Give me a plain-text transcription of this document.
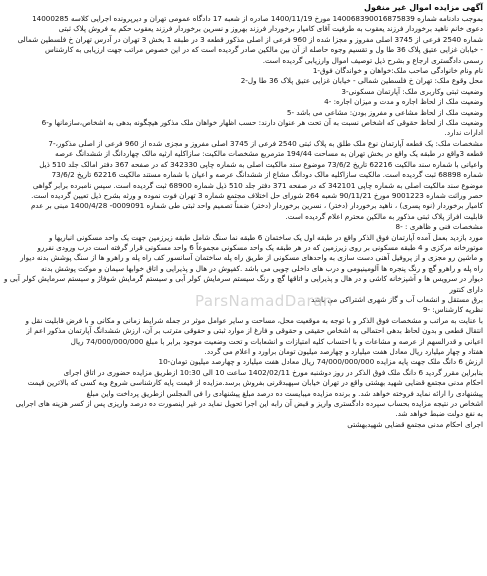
آگهی مزایده اموال غیر منقول

بموجب دادنامه شماره 140068390016875839 مورخ 1400/11/19 صادره از شعبه 17 دادگاه عمومی تهران و دیرپرونده اجرایی کلاسه 14000285

دعوی خانم ناهید برخوردار فرزند یعقوب به طرفیت آقای کامیار برخوردار فرزند بهروز و نسرین برخوردار فرزند یعقوب حکم به فروش پلاک ثبتی

شماره 2540 فرعی از 3745 اصلی مفروز و مجزا شده از 960 فرعی از اصلی مذکور قطعه 3 در طبقه 1 بخش 3 تهران در آدرس تهران خ فلسطین شمالی

- خیابان غزایی عتیق پلاک 36 طا ول و تقسیم وجوه حاصله از آن بین مالکین صادر گردیده است که در این خصوص مراتب جهت ارزیابی به کارشناس

رسمی دادگستری ارجاع و بشرح ذیل توصیف اموال وارزیابی گردیده است.

نام ونام خانوادگی صاحب ملک:خواهان و خواندگان فوق-1

محل وقوع ملک: تهران خ فلسطین شمالی - خیابان غزایی عتیق پلاک 36 طا ول-2

وضعیت ثبتی وکاربری ملک: آپارتمان مسکونی-3

وضعیت ملک از لحاظ اجاره و مدت و میزان اجاره: -4

وضعیت ملک از لحاظ مشاعی و مفروز بودن: مشاعی می باشد -5

وضعیت ملک از لحاظ حقوقی که اشخاص نسبت به آن تحت هر عنوان دارند: حسب اظهار خواهان ملک مذکور هیچگونه بدهی به اشخاص،سازمانها و-6

ادارات ندارد.

مشخصات ملک: یک قطعه آپارتمان نوع ملک طلق به پلاک ثبتی 2540 فرعی از 3745 اصلی مفروز و مجزی شده از 960 فرعی از اصلی مذکور،-7

قطعه 3واقع در طبقه یک واقع در بخش تهران به مساحت 194/44 مترمربع مشخصات مالکیت: سازاکلیه ارثیه مالک چهاردانگ از ششدانگ عرصه

واعیانی با شماره سند مالکیت 62216 تاریخ 73/6/2 موضوع سند مالکیت اصلی به شماره چاپی 342330 که در صفحه 367 دفتر امالک جلد 510 ذیل

شماره 68898 ثبت گردیده است. مالکیت سازاکلیه مالک دودانگ مشاع از ششدانگ عرصه و اعیان با شماره مستند مالکیت 62216 تاریخ 73/6/2

موضوع سند مالکیت اصلی به شماره چاپی 342101 که در صفحه 371 دفتر جلد 510 ذیل شماره 68900 ثبت گردیده است. سپس نامبرده برابر گواهی

حصر وراثت شماره 9001223 مورخ 90/11/21 شعبه 264 شورای حل اختلاف مجتمع شماره 3 تهران فوت نموده و ورثه بشرح ذیل تعیین گردیده است.

کامیار برخوردار (نوه پسری) ، ناهید برخوردار (دختر) ، نسرین برخوردار (دختر) ضمناً تصمیم واحد ثبتی طی شماره 0009091- 1400/4/28 مبنی بر عدم

قابلیت افراز پلاک ثبتی مذکور به مالکین محترم اعلام گردیده است.

مشخصات فنی و ظاهری : -8

مورد بازدید بعمل آمده آپارتمان فوق الذکر واقع در طبقه اول یک ساختمان 6 طبقه نما سنگ شامل طبقه زیرزمین جهت یک واحد مسکونی انباریها و

موتورخانه مرکزی و 4 طبقه مسکونی بر روی زیرزمین که در هر طبقه یک واحد مسکونی مجموعاً 6 واحد مسکونی قرار گرفته است درب ورودی نفررو

و ماشین رو مجزی و از پروفیل آهنی دست سازی به واحدهای مسکونی از طریق راه پله ساختمان آسانسور کف راه پله و راهرو ها از سنگ پوشش بدنه دیوار

راه پله و راهرو گچ و رنگ پنجره ها آلومینیومی و درب های داخلی چوبی می باشد .کفپوش در هال و پذیرایی و اتاق خوابها سیمان و موکت پوشش بدنه

دیوار در سرویس ها و آشپزخانه کاشی و در هال و پذیرایی و اتاقها گچ و رنگ سیستم سرمایش کولر آبی و سیستم گرمایش شوفاژ و سیستم سرمایش کولر آبی و دارای کنتور

برق مستقل و انشعاب آب و گاز شهری اشتراکی می باشد

نظریه کارشناس: -9

با عنایت به مراتب و مشخصات فوق الذکر و با توجه به موقعیت محل، مساحت و سایر عوامل موثر در جمله شرایط زمانی و مکانی و با فرض قابلیت نقل و

انتقال قطعی و بدون لحاظ بدهی احتمالی به اشخاص حقیقی و حقوقی و فارغ از موارد ثبتی و حقوقی مترتب بر آن، ارزش ششدانگ آپارتمان مذکور اعم از

اعیانی و قدرالسهم از عرصه و مشاعات و با احتساب کلیه امتیازات و انشعابات و تحت وضعیت موجود برابر با مبلغ 74/000/000/000 ریال

هفتاد و چهار میلیارد ریال معادل هفت میلیارد و چهارصد میلیون تومان براورد و اعلام می گردد.

ارزش 6 دانگ ملک جهت پایه مزایده 74/000/000/000 ریال معادل هفت میلیارد و چهارصد میلیون تومان-10

بنابراین مقرر گردید 6 دانگ ملک فوق الذکر در روز دوشنبه مورخ 1402/02/11 ساعت 10 الی 10:30 ازطریق مزایده حضوری در اتاق اجرای

احکام مدنی مجتمع قضایی شهید بهشتی واقع در تهران خیابان سپهبدقرنی بفروش برسد.مزایده از قیمت پایه کارشناسی شروع وبه کسی که بالاترین قیمت

پیشنهادی را ارائه نماید فروخته خواهد شد. و برنده مزایده میبایست ده درصد مبلغ پیشنهادی را فی المجلس ازطریق پرداخت واین مبلغ

اشخاص در نتیجه مزایده بحساب سپرده دادگستری واریز و قبض آن رابه این اجرا تحویل نماید در غیر اینصورت ده درصد واریزی پس از کسر هزینه های اجرایی

به نفع دولت ضبط خواهد شد.

اجرای احکام مدنی مجتمع قضایی شهیدبهشتی

ParsNamadDaran
